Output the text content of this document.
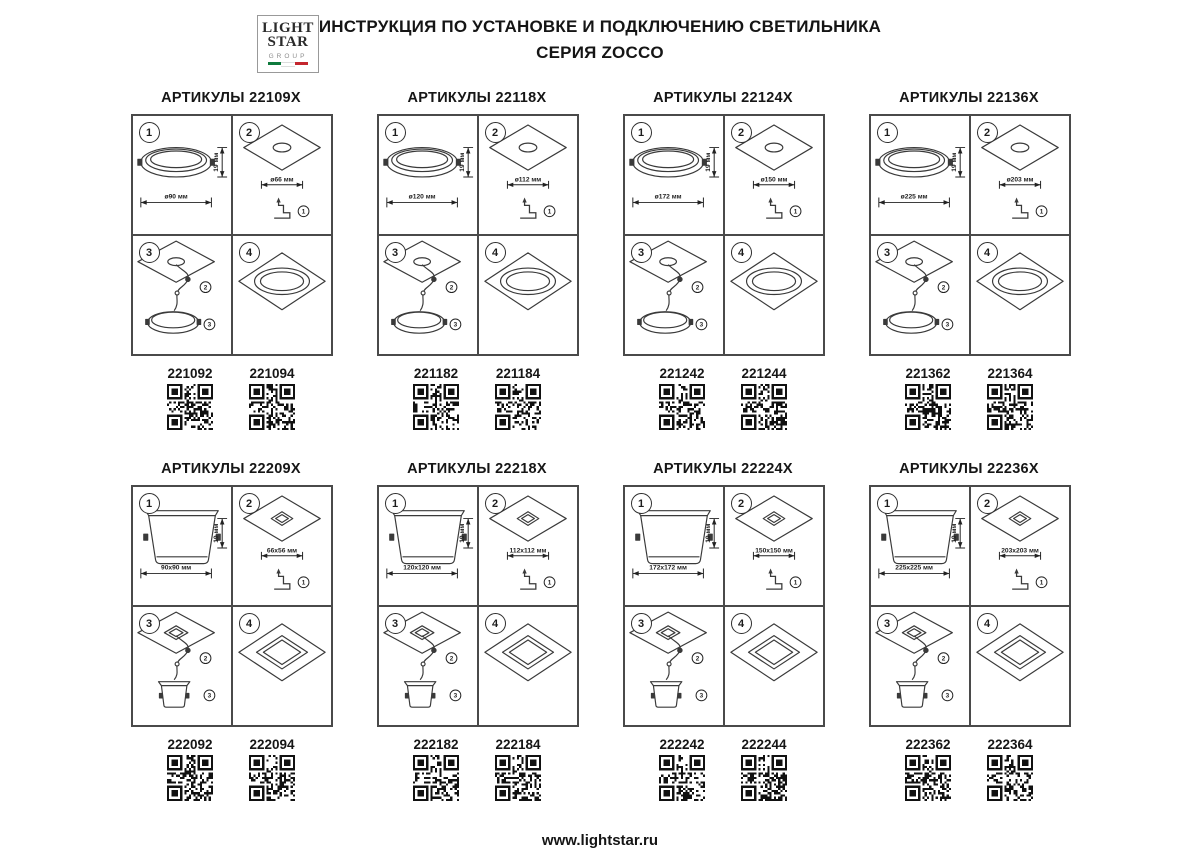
LIGHT
STAR
GROUP
ИНСТРУКЦИЯ ПО УСТАНОВКЕ И ПОДКЛЮЧЕНИЮ СВЕТИЛЬНИКА
СЕРИЯ ZOCCO
АРТИКУЛЫ 22109X
1
ø90 мм
19 мм
2
ø66 мм
1
3
2
3
4
221092	221094
АРТИКУЛЫ 22118X
1
ø120 мм
19 мм
2
ø112 мм
1
3
2
3
4
221182	221184
АРТИКУЛЫ 22124X
1
ø172 мм
19 мм
2
ø150 мм
1
3
2
3
4
221242	221244
АРТИКУЛЫ 22136X
1
ø225 мм
19 мм
2
ø203 мм
1
3
2
3
4
221362	221364
АРТИКУЛЫ 22209X
1
90х90 мм
19 мм
2
66х56 мм
1
3
2
3
4
222092	222094
АРТИКУЛЫ 22218X
1
120х120 мм
19 мм
2
112х112 мм
1
3
2
3
4
222182	222184
АРТИКУЛЫ 22224X
1
172х172 мм
19 мм
2
150х150 мм
1
3
2
3
4
222242	222244
АРТИКУЛЫ 22236X
1
225х225 мм
19 мм
2
203х203 мм
1
3
2
3
4
222362	222364
www.lightstar.ru
